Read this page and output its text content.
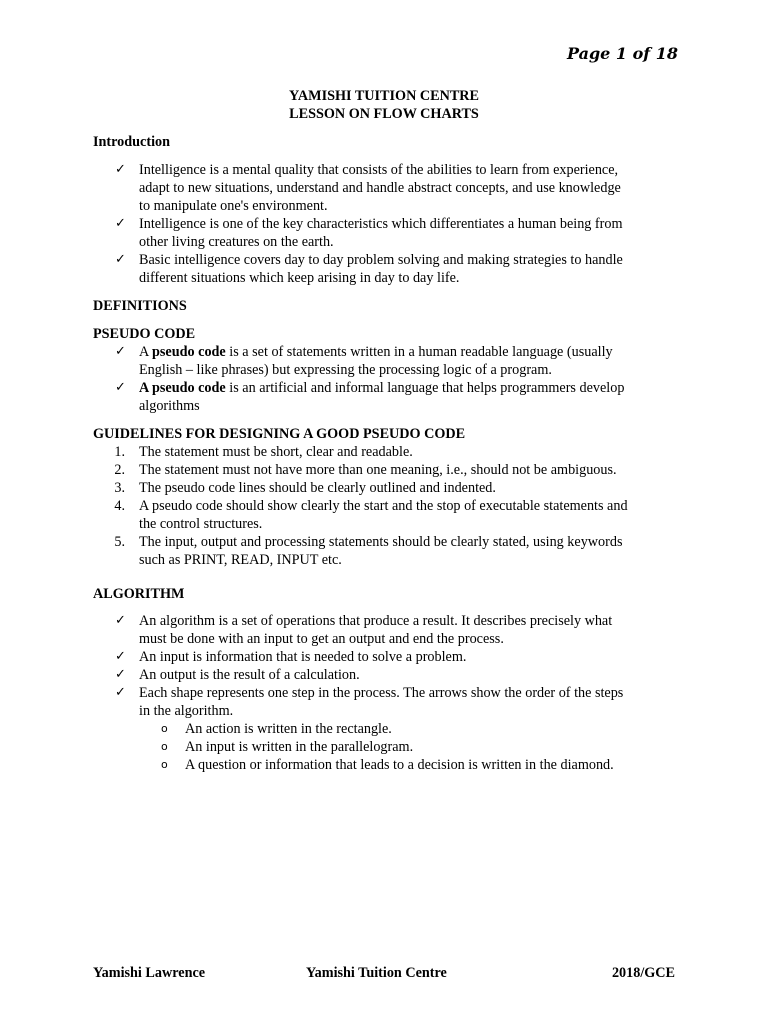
Page 1 of 18
YAMISHI TUITION CENTRE
LESSON ON FLOW CHARTS
Introduction
✓ Intelligence is a mental quality that consists of the abilities to learn from experience,
adapt to new situations, understand and handle abstract concepts, and use knowledge
to manipulate one's environment.
✓ Intelligence is one of the key characteristics which differentiates a human being from
other living creatures on the earth.
✓ Basic intelligence covers day to day problem solving and making strategies to handle
different situations which keep arising in day to day life.
DEFINITIONS
PSEUDO CODE
✓ A pseudo code is a set of statements written in a human readable language (usually
English – like phrases) but expressing the processing logic of a program.
✓ A pseudo code is an artificial and informal language that helps programmers develop
algorithms
GUIDELINES FOR DESIGNING A GOOD PSEUDO CODE
1. The statement must be short, clear and readable.
2. The statement must not have more than one meaning, i.e., should not be ambiguous.
3. The pseudo code lines should be clearly outlined and indented.
4. A pseudo code should show clearly the start and the stop of executable statements and
the control structures.
5. The input, output and processing statements should be clearly stated, using keywords
such as PRINT, READ, INPUT etc.
ALGORITHM
✓ An algorithm is a set of operations that produce a result. It describes precisely what
must be done with an input to get an output and end the process.
✓ An input is information that is needed to solve a problem.
✓ An output is the result of a calculation.
✓ Each shape represents one step in the process. The arrows show the order of the steps
in the algorithm.
o An action is written in the rectangle.
o An input is written in the parallelogram.
o A question or information that leads to a decision is written in the diamond.
Yamishi Lawrence	Yamishi Tuition Centre	2018/GCE
